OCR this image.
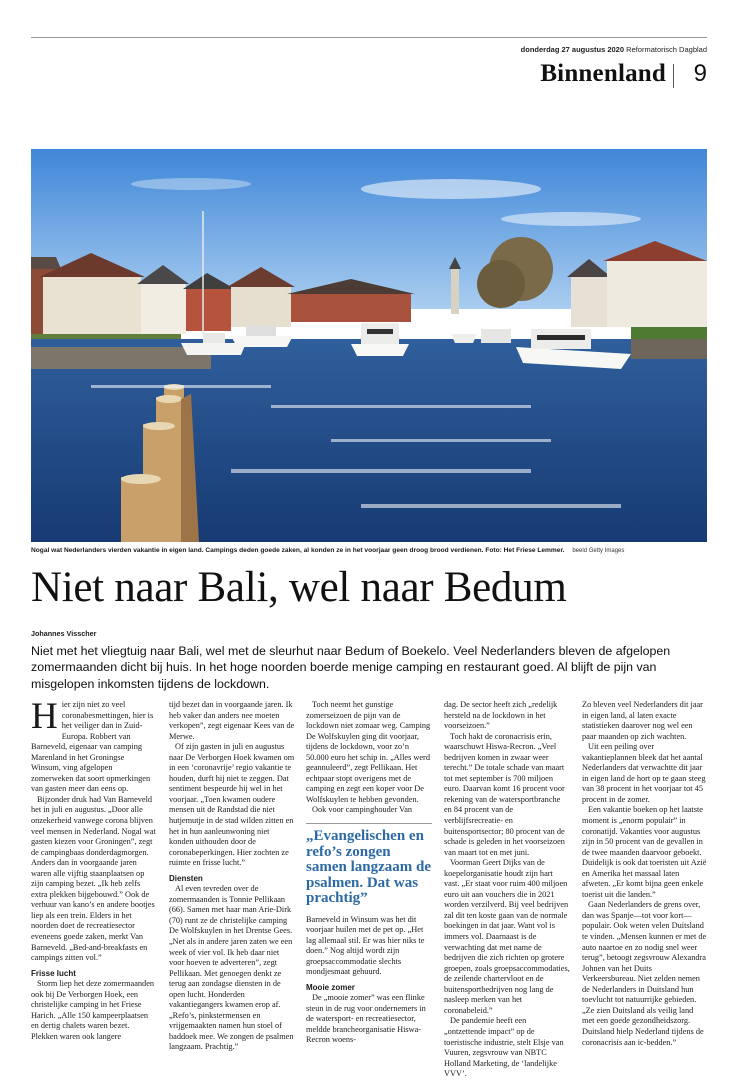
donderdag 27 augustus 2020 Reformatorisch Dagblad
Binnenland 9
Nogal wat Nederlanders vierden vakantie in eigen land. Campings deden goede zaken, al konden ze in het voorjaar geen droog brood verdienen. Foto: Het Friese Lemmer. beeld Getty Images
Niet naar Bali, wel naar Bedum
Johannes Visscher

Niet met het vliegtuig naar Bali, wel met de sleurhut naar Bedum of Boekelo. Veel Nederlanders bleven de afgelopen zomermaanden dicht bij huis. In het hoge noorden boerde menige camping en restaurant goed. Al blijft de pijn van misgelopen inkomsten tijdens de lockdown.

H ier zijn niet zo veel coronabesmettingen, hier is het veiliger dan in Zuid-Europa. Robbert van Barneveld, eigenaar van camping Marenland in het Groningse Winsum, ving afgelopen zomerweken dat soort opmerkingen van gasten meer dan eens op.

Bijzonder druk had Van Barneveld het in juli en augustus. „Door alle onzekerheid vanwege corona blijven veel mensen in Nederland. Nogal wat gasten kiezen voor Groningen”, zegt de campingbaas donderdagmorgen. Anders dan in voorgaande jaren waren alle vijftig staanplaatsen op zijn camping bezet. „Ik heb zelfs extra plekken bijgebouwd.” Ook de verhuur van kano’s en andere bootjes liep als een trein. Elders in het noorden doet de recreatiesector eveneens goede zaken, merkt Van Barneveld. „Bed-and-breakfasts en campings zitten vol.”

Frisse lucht

Storm liep het deze zomermaanden ook bij De Verborgen Hoek, een christelijke camping in het Friese Harich. „Alle 150 kampeerplaatsen en dertig chalets waren bezet. Plekken waren ook langere

tijd bezet dan in voorgaande jaren. Ik heb vaker dan anders nee moeten verkopen”, zegt eigenaar Kees van de Merwe.

Of zijn gasten in juli en augustus naar De Verborgen Hoek kwamen om in een ‘coronavrije’ regio vakantie te houden, durft hij niet te zeggen. Dat sentiment bespeurde hij wel in het voorjaar. „Toen kwamen oudere mensen uit de Randstad die niet hutjemutje in de stad wilden zitten en het in hun aanleunwoning niet konden uithouden door de coronabeperkingen. Hier zochten ze ruimte en frisse lucht.”

Diensten

Al even tevreden over de zomermaanden is Tonnie Pellikaan (66). Samen met haar man Arie-Dirk (70) runt ze de christelijke camping De Wolfskuylen in het Drentse Gees. „Net als in andere jaren zaten we een week of vier vol. Ik heb daar niet voor hoeven te adverteren”, zegt Pellikaan. Met genoegen denkt ze terug aan zondagse diensten in de open lucht. Honderden vakantiegangers kwamen erop af. „Refo’s, pinkstermensen en vrijgemaakten namen hun stoel of baddoek mee. We zongen de psalmen langzaam. Prachtig.”

Toch neemt het gunstige zomerseizoen de pijn van de lockdown niet zomaar weg. Camping De Wolfskuylen ging dit voorjaar, tijdens de lockdown, voor zo’n 50.000 euro het schip in. „Alles werd geannuleerd”, zegt Pellikaan. Het echtpaar stopt overigens met de camping en zegt een koper voor De Wolfskuylen te hebben gevonden.

Ook voor campinghouder Van

„Evangelischen en refo’s zongen samen langzaam de psalmen. Dat was prachtig”

Barneveld in Winsum was het dit voorjaar huilen met de pet op. „Het lag allemaal stil. Er was hier niks te doen.” Nog altijd wordt zijn groepsaccommodatie slechts mondjesmaat gehuurd.

Mooie zomer

De „mooie zomer” was een flinke steun in de rug voor ondernemers in de watersport- en recreatiesector, meldde brancheorganisatie Hiswa-Recron woens-

dag. De sector heeft zich „redelijk hersteld na de lockdown in het voorseizoen.”

Toch hakt de coronacrisis erin, waarschuwt Hiswa-Recron. „Veel bedrijven komen in zwaar weer terecht.” De totale schade van maart tot met september is 700 miljoen euro. Daarvan komt 16 procent voor rekening van de watersportbranche en 84 procent van de verblijfsrecreatie- en buitensportsector; 80 procent van de schade is geleden in het voorseizoen van maart tot en met juni.

Voorman Geert Dijks van de koepelorganisatie houdt zijn hart vast. „Er staat voor ruim 400 miljoen euro uit aan vouchers die in 2021 worden verzilverd. Bij veel bedrijven zal dit ten koste gaan van de normale boekingen in dat jaar. Want vol is immers vol. Daarnaast is de verwachting dat met name de bedrijven die zich richten op grotere groepen, zoals groepsaccommodaties, de zeilende chartervloot en de buitensportbedrijven nog lang de nasleep merken van het coronabeleid.”

De pandemie heeft een „ontzettende impact” op de toeristische industrie, stelt Elsje van Vuuren, zegsvrouw van NBTC Holland Marketing, de ‘landelijke VVV’.

Zo bleven veel Nederlanders dit jaar in eigen land, al laten exacte statistieken daarover nog wel een paar maanden op zich wachten.

Uit een peiling over vakantieplannen bleek dat het aantal Nederlanders dat verwachtte dit jaar in eigen land de hort op te gaan steeg van 38 procent in het voorjaar tot 45 procent in de zomer.

Een vakantie boeken op het laatste moment is „enorm populair” in coronatijd. Vakanties voor augustus zijn in 50 procent van de gevallen in de twee maanden daarvoor geboekt. Duidelijk is ook dat toeristen uit Azië en Amerika het massaal laten afweten. „Er komt bijna geen enkele toerist uit die landen.”

Gaan Nederlanders de grens over, dan was Spanje—tot voor kort—populair. Ook weten velen Duitsland te vinden. „Mensen kunnen er met de auto naartoe en zo nodig snel weer terug”, betoogt zegsvrouw Alexandra Johnen van het Duits Verkeersbureau. Niet zelden nemen de Nederlanders in Duitsland hun toevlucht tot natuurrijke gebieden. „Ze zien Duitsland als veilig land met een goede gezondheidszorg. Duitsland hielp Nederland tijdens de coronacrisis aan ic-bedden.”
